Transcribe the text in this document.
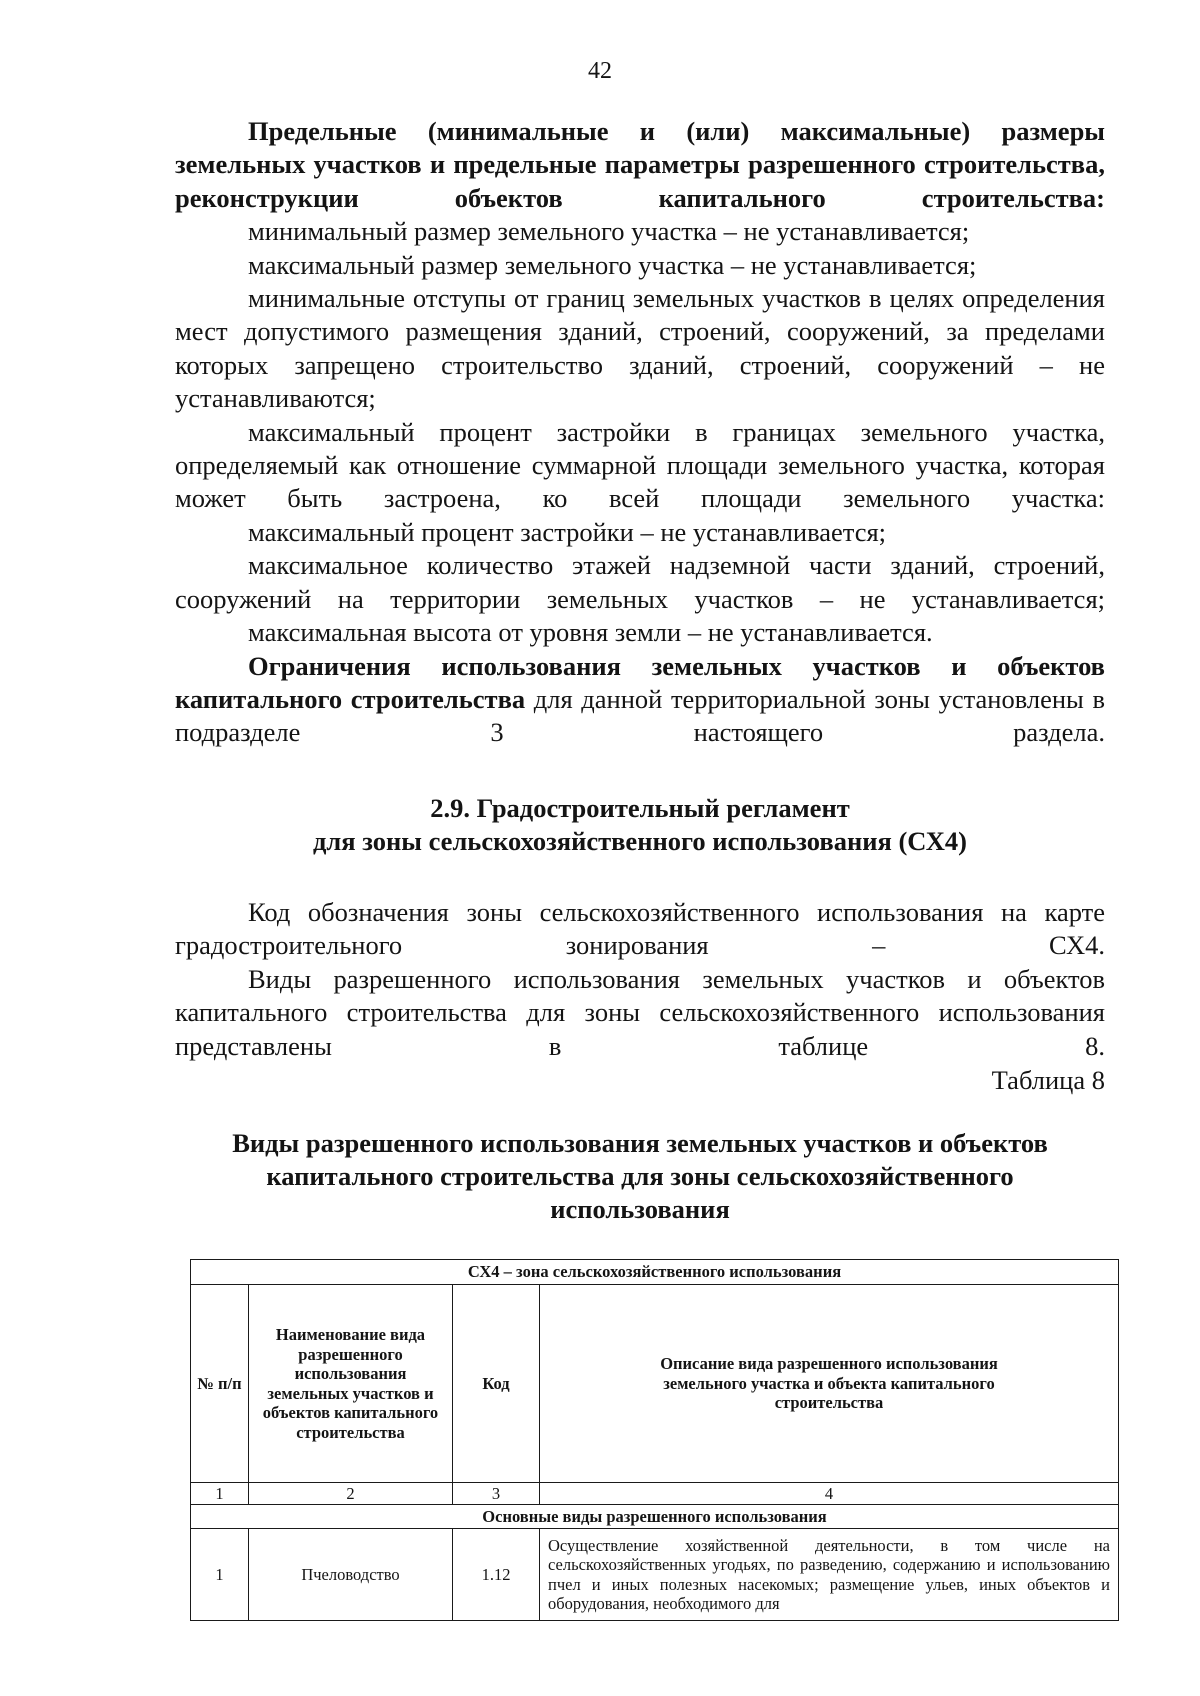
42

Предельные (минимальные и (или) максимальные) размеры земельных участков и предельные параметры разрешенного строительства, реконструкции объектов капитального строительства:

минимальный размер земельного участка – не устанавливается;

максимальный размер земельного участка – не устанавливается;

минимальные отступы от границ земельных участков в целях определения мест допустимого размещения зданий, строений, сооружений, за пределами которых запрещено строительство зданий, строений, сооружений – не устанавливаются;

максимальный процент застройки в границах земельного участка, определяемый как отношение суммарной площади земельного участка, которая может быть застроена, ко всей площади земельного участка:

максимальный процент застройки – не устанавливается;

максимальное количество этажей надземной части зданий, строений, сооружений на территории земельных участков – не устанавливается;

максимальная высота от уровня земли – не устанавливается.

Ограничения использования земельных участков и объектов капитального строительства для данной территориальной зоны установлены в подразделе 3 настоящего раздела.

2.9. Градостроительный регламент
для зоны сельскохозяйственного использования (СХ4)

Код обозначения зоны сельскохозяйственного использования на карте градостроительного зонирования – СХ4.

Виды разрешенного использования земельных участков и объектов капитального строительства для зоны сельскохозяйственного использования представлены в таблице 8.

Таблица 8
Виды разрешенного использования земельных участков и объектов капитального строительства для зоны сельскохозяйственного использования
СХ4 – зона сельскохозяйственного использования			
№ п/п	Наименование вида разрешенного использования земельных участков и объектов капитального строительства	Код	Описание вида разрешенного использования земельного участка и объекта капитального строительства
1	2	3	4
Основные виды разрешенного использования			
1	Пчеловодство	1.12	Осуществление хозяйственной деятельности, в том числе на сельскохозяйственных угодьях, по разведению, содержанию и использованию пчел и иных полезных насекомых; размещение ульев, иных объектов и оборудования, необходимого для
